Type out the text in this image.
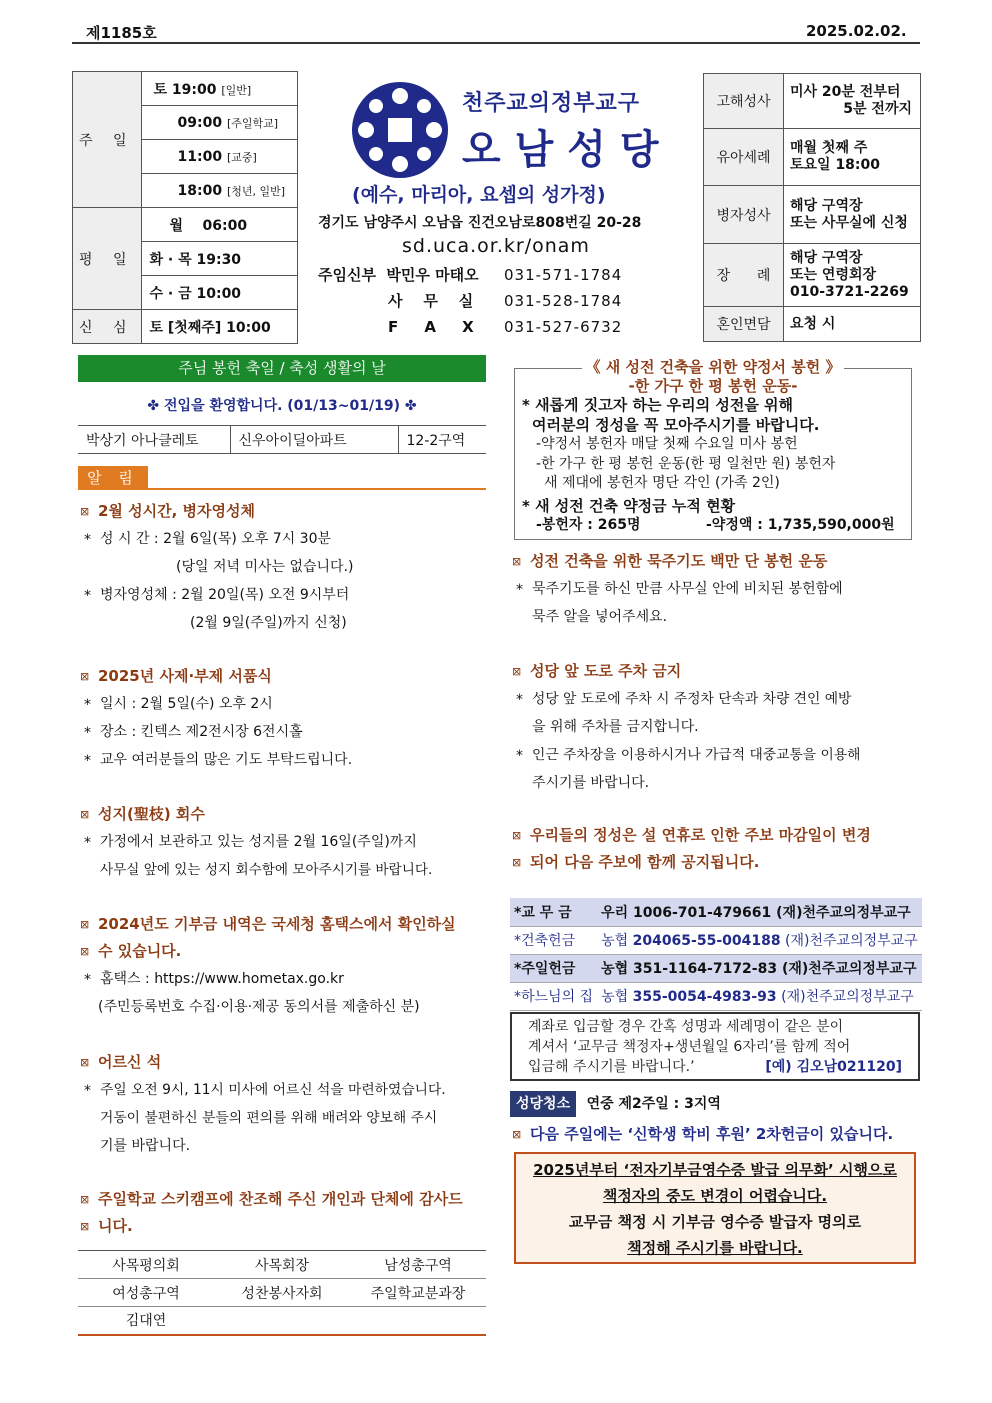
제1185호	2025.02.02.
주 일	토 19:00 [일반]
	09:00 [주일학교]
	11:00 [교중]
	18:00 [청년, 일반]
평 일	월    06:00
	화 · 목 19:30
	수 · 금 10:00
신 심	토 [첫째주] 10:00
천주교의정부교구
오남성당
(예수, 마리아, 요셉의 성가정)
경기도 남양주시 오남읍 진건오남로808번길 20-28
sd.uca.or.kr/onam
주임신부  박민우 마태오 031-571-1784
사    무    실 031-528-1784
F     A     X 031-527-6732
고해성사	미사 20분 전부터
5분 전까지

유아세례	매월 첫째 주
토요일 18:00

병자성사	해당 구역장
또는 사무실에 신청

장      례	해당 구역장
또는 연령회장
010-3721-2269

혼인면담	요청 시
주님 봉헌 축일 / 축성 생활의 날
✤ 전입을 환영합니다. (01/13~01/19) ✤
박상기 아나클레토	신우아이딜아파트	12-2구역
알 림
⊠ 2월 성시간, 병자영성체
* 성 시 간 : 2월 6일(목) 오후 7시 30분
(당일 저녁 미사는 없습니다.)
* 병자영성체 : 2월 20일(목) 오전 9시부터
(2월 9일(주일)까지 신청)
⊠ 2025년 사제·부제 서품식
* 일시 : 2월 5일(수) 오후 2시
* 장소 : 킨텍스 제2전시장 6전시홀
* 교우 여러분들의 많은 기도 부탁드립니다.
⊠ 성지(聖枝) 회수
* 가정에서 보관하고 있는 성지를 2월 16일(주일)까지
사무실 앞에 있는 성지 회수함에 모아주시기를 바랍니다.
⊠ 2024년도 기부금 내역은 국세청 홈택스에서 확인하실
⊠ 수 있습니다.
* 홈택스 : https://www.hometax.go.kr
(주민등록번호 수집·이용·제공 동의서를 제출하신 분)
⊠ 어르신 석
* 주일 오전 9시, 11시 미사에 어르신 석을 마련하였습니다.
거동이 불편하신 분들의 편의를 위해 배려와 양보해 주시
기를 바랍니다.
⊠ 주일학교 스키캠프에 찬조해 주신 개인과 단체에 감사드
⊠ 니다.
사목평의회	사목회장	남성총구역
여성총구역	성찬봉사자회	주일학교분과장
김대연		
《 새 성전 건축을 위한 약정서 봉헌 》
-한 가구 한 평 봉헌 운동-
* 새롭게 짓고자 하는 우리의 성전을 위해
여러분의 정성을 꼭 모아주시기를 바랍니다.
-약정서 봉헌자 매달 첫째 수요일 미사 봉헌
-한 가구 한 평 봉헌 운동(한 평 일천만 원) 봉헌자
새 제대에 봉헌자 명단 각인 (가족 2인)
* 새 성전 건축 약정금 누적 현황
-봉헌자 : 265명	-약정액 : 1,735,590,000원
⊠ 성전 건축을 위한 묵주기도 백만 단 봉헌 운동
* 묵주기도를 하신 만큼 사무실 안에 비치된 봉헌함에
묵주 알을 넣어주세요.
⊠ 성당 앞 도로 주차 금지
* 성당 앞 도로에 주차 시 주정차 단속과 차량 견인 예방
을 위해 주차를 금지합니다.
* 인근 주차장을 이용하시거나 가급적 대중교통을 이용해
주시기를 바랍니다.
⊠ 우리들의 정성은 설 연휴로 인한 주보 마감일이 변경
⊠ 되어 다음 주보에 함께 공지됩니다.
*교 무 금	우리 1006-701-479661 (재)천주교의정부교구
*건축헌금	농협 204065-55-004188 (재)천주교의정부교구
*주일헌금	농협 351-1164-7172-83 (재)천주교의정부교구
*하느님의 집	농협 355-0054-4983-93 (재)천주교의정부교구
계좌로 입금할 경우 간혹 성명과 세례명이 같은 분이
계셔서 ‘교무금 책정자+생년월일 6자리’를 함께 적어
입금해 주시기를 바랍니다.’	[예) 김오남021120]
성당청소 연중 제2주일 : 3지역
⊠ 다음 주일에는 ‘신학생 학비 후원’ 2차헌금이 있습니다.
2025년부터 ‘전자기부금영수증 발급 의무화’ 시행으로
책정자의 중도 변경이 어렵습니다.
교무금 책정 시 기부금 영수증 발급자 명의로
책정해 주시기를 바랍니다.
